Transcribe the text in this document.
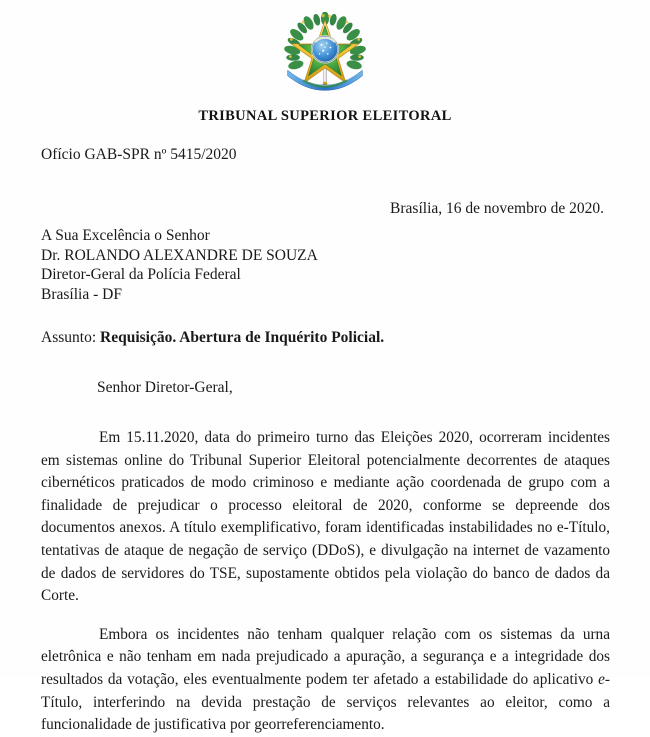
TRIBUNAL SUPERIOR ELEITORAL
Ofício GAB-SPR nº 5415/2020
Brasília, 16 de novembro de 2020.
A Sua Excelência o Senhor
Dr. ROLANDO ALEXANDRE DE SOUZA
Diretor-Geral da Polícia Federal
Brasília - DF
Assunto: Requisição. Abertura de Inquérito Policial.
Senhor Diretor-Geral,

Em 15.11.2020, data do primeiro turno das Eleições 2020, ocorreram incidentes em sistemas online do Tribunal Superior Eleitoral potencialmente decorrentes de ataques cibernéticos praticados de modo criminoso e mediante ação coordenada de grupo com a finalidade de prejudicar o processo eleitoral de 2020, conforme se depreende dos documentos anexos. A título exemplificativo, foram identificadas instabilidades no e-Título, tentativas de ataque de negação de serviço (DDoS), e divulgação na internet de vazamento de dados de servidores do TSE, supostamente obtidos pela violação do banco de dados da Corte.

Embora os incidentes não tenham qualquer relação com os sistemas da urna eletrônica e não tenham em nada prejudicado a apuração, a segurança e a integridade dos resultados da votação, eles eventualmente podem ter afetado a estabilidade do aplicativo e-Título, interferindo na devida prestação de serviços relevantes ao eleitor, como a funcionalidade de justificativa por georreferenciamento.
